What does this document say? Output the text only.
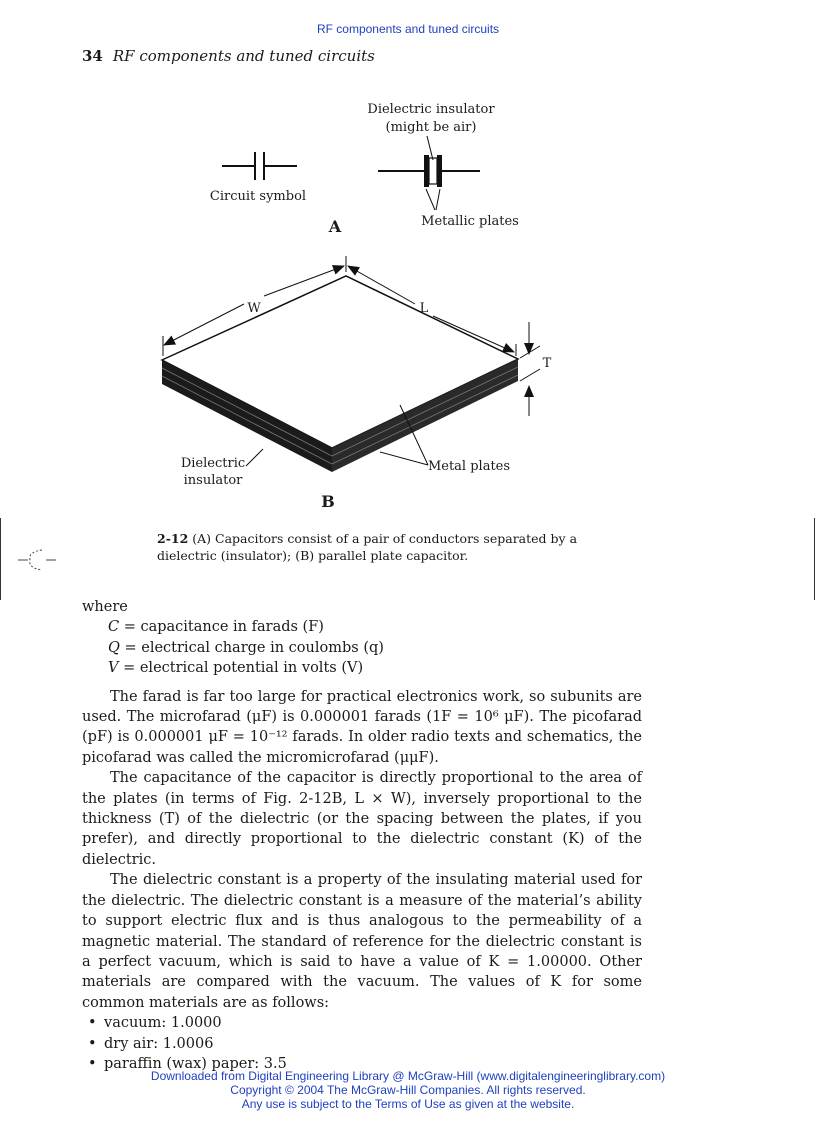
RF components and tuned circuits
34 RF components and tuned circuits
Circuit symbol
Dielectric insulator
(might be air)
Metallic plates
A
W	L
T
Dielectric
insulator
Metal plates
B
2-12 (A) Capacitors consist of a pair of conductors separated by a dielectric (insulator); (B) parallel plate capacitor.

where

C = capacitance in farads (F)
Q = electrical charge in coulombs (q)
V = electrical potential in volts (V)

The farad is far too large for practical electronics work, so subunits are used. The microfarad (μF) is 0.000001 farads (1F = 10⁶ μF). The picofarad (pF) is 0.000001 μF = 10⁻¹² farads. In older radio texts and schematics, the picofarad was called the micromicrofarad (μμF).

The capacitance of the capacitor is directly proportional to the area of the plates (in terms of Fig. 2-12B, L × W), inversely proportional to the thickness (T) of the dielectric (or the spacing between the plates, if you prefer), and directly proportional to the dielectric constant (K) of the dielectric.

The dielectric constant is a property of the insulating material used for the dielectric. The dielectric constant is a measure of the material’s ability to support electric flux and is thus analogous to the permeability of a magnetic material. The standard of reference for the dielectric constant is a perfect vacuum, which is said to have a value of K = 1.00000. Other materials are compared with the vacuum. The values of K for some common materials are as follows:

• vacuum: 1.0000
• dry air: 1.0006
• paraffin (wax) paper: 3.5
Downloaded from Digital Engineering Library @ McGraw-Hill (www.digitalengineeringlibrary.com)
Copyright © 2004 The McGraw-Hill Companies. All rights reserved.
Any use is subject to the Terms of Use as given at the website.
